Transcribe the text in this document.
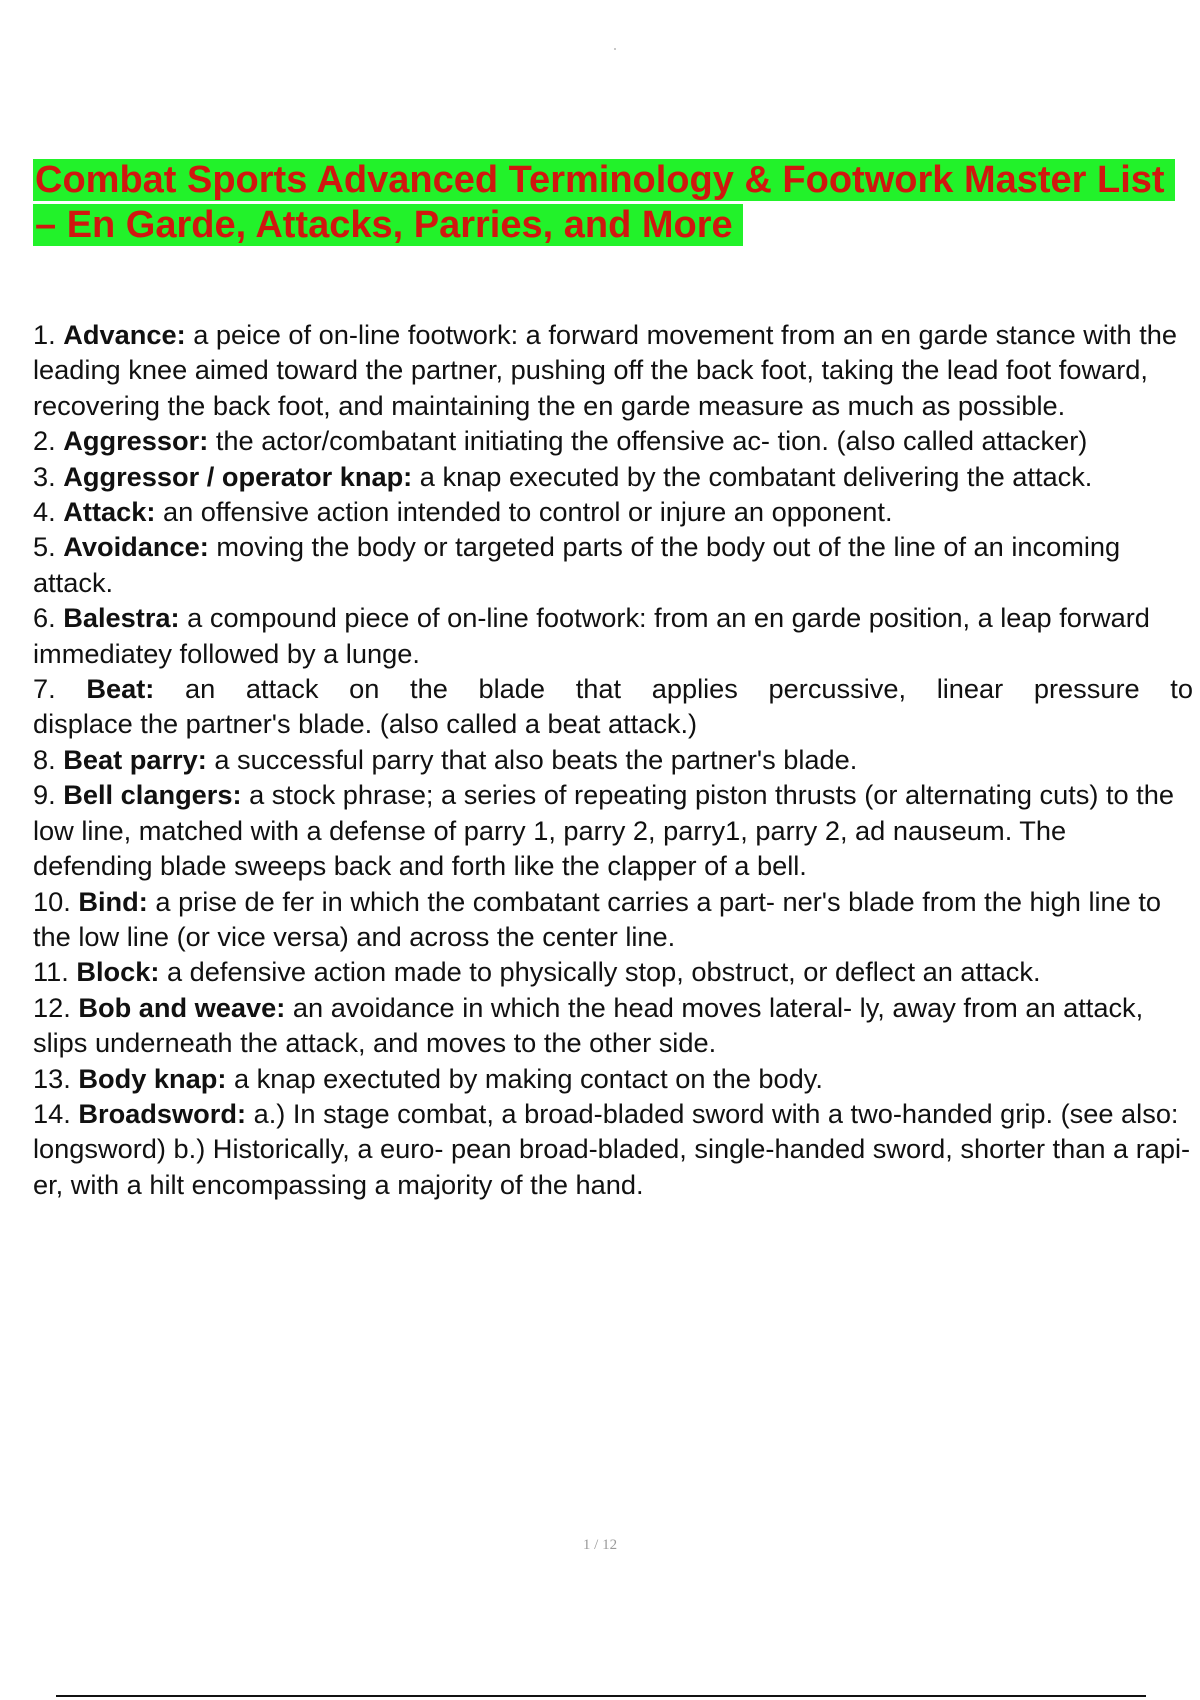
Combat Sports Advanced Terminology & Footwork Master List – En Garde, Attacks, Parries, and More
1. Advance: a peice of on-line footwork: a forward movement from an en garde stance with the leading knee aimed toward the partner, pushing off the back foot, taking the lead foot foward, recovering the back foot, and maintaining the en garde measure as much as possible.
2. Aggressor: the actor/combatant initiating the offensive ac- tion. (also called attacker)
3. Aggressor / operator knap: a knap executed by the combatant delivering the attack.
4. Attack: an offensive action intended to control or injure an opponent.
5. Avoidance: moving the body or targeted parts of the body out of the line of an incoming attack.
6. Balestra: a compound piece of on-line footwork: from an en garde position, a leap forward immediatey followed by a lunge.
7. Beat: an attack on the blade that applies percussive, linear pressure to
displace the partner's blade. (also called a beat attack.)
8. Beat parry: a successful parry that also beats the partner's blade.
9. Bell clangers: a stock phrase; a series of repeating piston thrusts (or alternating cuts) to the low line, matched with a defense of parry 1, parry 2, parry1, parry 2, ad nauseum. The defending blade sweeps back and forth like the clapper of a bell.
10. Bind: a prise de fer in which the combatant carries a part- ner's blade from the high line to the low line (or vice versa) and across the center line.
11. Block: a defensive action made to physically stop, obstruct, or deflect an attack.
12. Bob and weave: an avoidance in which the head moves lateral- ly, away from an attack, slips underneath the attack, and moves to the other side.
13. Body knap: a knap exectuted by making contact on the body.
14. Broadsword: a.) In stage combat, a broad-bladed sword with a two-handed grip. (see also: longsword) b.) Historically, a euro- pean broad-bladed, single-handed sword, shorter than a rapi- er, with a hilt encompassing a majority of the hand.
1 / 12
